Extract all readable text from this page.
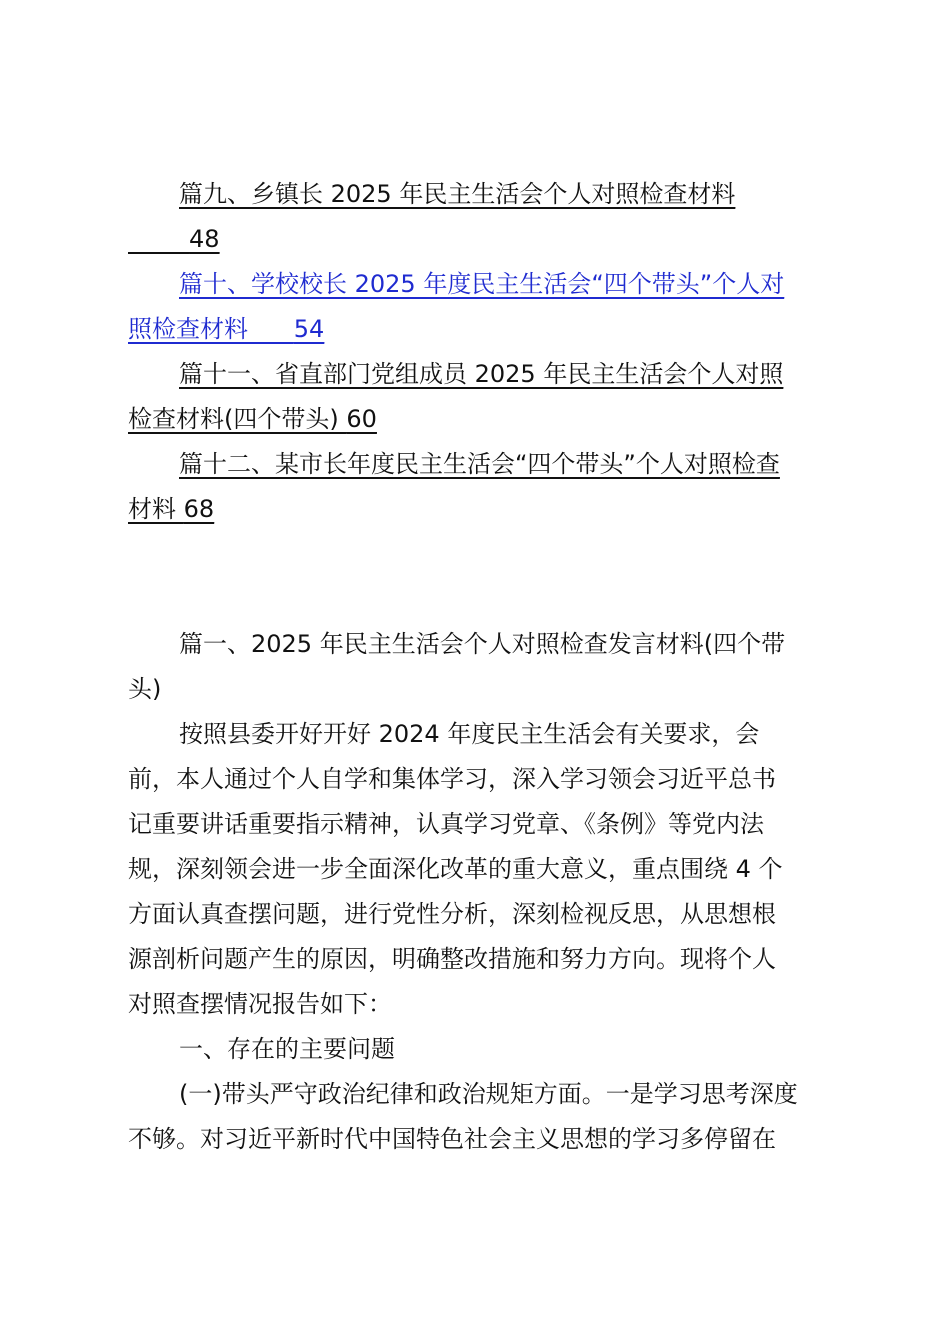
篇九、乡镇长 2025 年民主生活会个人对照检查材料

48

篇十、学校校长 2025 年度民主生活会“四个带头”个人对

照检查材料      54

篇十一、省直部门党组成员 2025 年民主生活会个人对照

检查材料(四个带头) 60

篇十二、某市长年度民主生活会“四个带头”个人对照检查

材料 68

篇一、2025 年民主生活会个人对照检查发言材料(四个带

头)

按照县委开好开好 2024 年度民主生活会有关要求，会

前，本人通过个人自学和集体学习，深入学习领会习近平总书

记重要讲话重要指示精神，认真学习党章、《条例》等党内法

规，深刻领会进一步全面深化改革的重大意义，重点围绕 4 个

方面认真查摆问题，进行党性分析，深刻检视反思，从思想根

源剖析问题产生的原因，明确整改措施和努力方向。现将个人

对照查摆情况报告如下：

一、存在的主要问题

(一)带头严守政治纪律和政治规矩方面。一是学习思考深度

不够。对习近平新时代中国特色社会主义思想的学习多停留在
